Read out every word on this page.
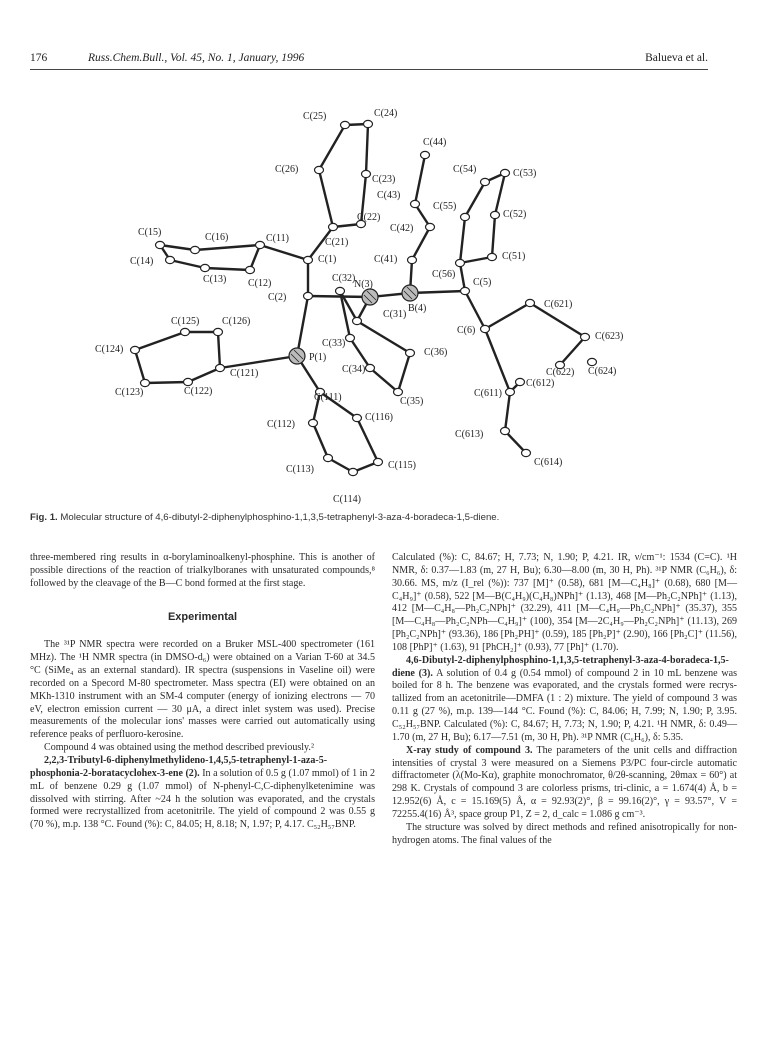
176	Russ.Chem.Bull., Vol. 45, No. 1, January, 1996	Balueva et al.
C(25)	C(24)
C(44)
C(26)
C(23)
C(54)	C(53)
C(43)
C(55)
C(52)
C(21)
C(22)
C(42)
C(15)	C(16)	C(11)
C(1)	C(41)	C(51)
C(14)
C(13) C(12)
C(56)
C(2)
C(32)
N(3)	C(5)
B(4)	C(621)
C(31)
C(125) C(126)
C(6)
C(33)
C(623)
C(124)
P(1)	C(36)
C(121)	C(34)	C(622) C(624)
C(123)	C(122)
C(111)	C(35)
C(611)
C(612)
C(112)
C(116)
C(613)
C(113)	C(115)	C(614)
C(114)
Fig. 1. Molecular structure of 4,6-dibutyl-2-diphenylphosphino-1,1,3,5-tetraphenyl-3-aza-4-boradeca-1,5-diene.

three-membered ring results in α-borylaminoalkenyl-phosphine. This is another of possible directions of the reaction of trialkylboranes with unsaturated compounds,⁸ followed by the cleavage of the B—C bond formed at the first stage.

Experimental

The ³¹P NMR spectra were recorded on a Bruker MSL-400 spectrometer (161 MHz). The ¹H NMR spectra (in DMSO-d₆) were obtained on a Varian T-60 at 34.5 °C (SiMe₄ as an external standard). IR spectra (suspensions in Vaseline oil) were recorded on a Specord M-80 spectrometer. Mass spectra (EI) were obtained on an MKh-1310 instrument with an SM-4 computer (energy of ionizing electrons — 70 eV, electron emission current — 30 μA, a direct inlet system was used). Precise measurements of the molecular ions' masses were carried out automatically using reference peaks of perfluoro-kerosine.

Compound 4 was obtained using the method described previously.²

2,2,3-Tributyl-6-diphenylmethylideno-1,4,5,5-tetraphenyl-1-aza-5-phosphonia-2-boratacyclohex-3-ene (2). In a solution of 0.5 g (1.07 mmol) of 1 in 2 mL of benzene 0.29 g (1.07 mmol) of N-phenyl-C,C-diphenylketenimine was dissolved with stirring. After ~24 h the solution was evaporated, and the crystals formed were recrystallized from acetonitrile. The yield of compound 2 was 0.55 g (70 %), m.p. 138 °C. Found (%): C, 84.05; H, 8.18; N, 1.97; P, 4.17. C₅₂H₅₇BNP.

Calculated (%): C, 84.67; H, 7.73; N, 1.90; P, 4.21. IR, ν/cm⁻¹: 1534 (C=C). ¹H NMR, δ: 0.37—1.83 (m, 27 H, Bu); 6.30—8.00 (m, 30 H, Ph). ³¹P NMR (C₆H₆), δ: 30.66. MS, m/z (I_rel (%)): 737 [M]⁺ (0.58), 681 [M—C₄H₈]⁺ (0.68), 680 [M—C₄H₉]⁺ (0.58), 522 [M—B(C₄H₉)(C₄H₈)NPh]⁺ (1.13), 468 [M—Ph₂C₂NPh]⁺ (1.13), 412 [M—C₄H₈—Ph₂C₂NPh]⁺ (32.29), 411 [M—C₄H₉—Ph₂C₂NPh]⁺ (35.37), 355 [M—C₄H₈—Ph₂C₂NPh—C₄H₉]⁺ (100), 354 [M—2C₄H₉—Ph₂C₂NPh]⁺ (11.13), 269 [Ph₂C₂NPh]⁺ (93.36), 186 [Ph₂PH]⁺ (0.59), 185 [Ph₂P]⁺ (2.90), 166 [Ph₂C]⁺ (11.56), 108 [PhP]⁺ (1.63), 91 [PhCH₂]⁺ (0.93), 77 [Ph]⁺ (1.70).

4,6-Dibutyl-2-diphenylphosphino-1,1,3,5-tetraphenyl-3-aza-4-boradeca-1,5-diene (3). A solution of 0.4 g (0.54 mmol) of compound 2 in 10 mL benzene was boiled for 8 h. The benzene was evaporated, and the crystals formed were recrys-tallized from an acetonitrile—DMFA (1 : 2) mixture. The yield of compound 3 was 0.11 g (27 %), m.p. 139—144 °C. Found (%): C, 84.06; H, 7.99; N, 1.90; P, 3.95. C₅₂H₅₇BNP. Calculated (%): C, 84.67; H, 7.73; N, 1.90; P, 4.21. ¹H NMR, δ: 0.49—1.70 (m, 27 H, Bu); 6.17—7.51 (m, 30 H, Ph). ³¹P NMR (C₆H₆), δ: 5.35.

X-ray study of compound 3. The parameters of the unit cells and diffraction intensities of crystal 3 were measured on a Siemens P3/PC four-circle automatic diffractometer (λ(Mo-Kα), graphite monochromator, θ/2θ-scanning, 2θmax = 60°) at 298 K. Crystals of compound 3 are colorless prisms, tri-clinic, a = 1.674(4) Å, b = 12.952(6) Å, c = 15.169(5) Å, α = 92.93(2)°, β = 99.16(2)°, γ = 93.57°, V = 72255.4(16) Å³, space group P1, Z = 2, d_calc = 1.086 g cm⁻³.

The structure was solved by direct methods and refined anisotropically for non-hydrogen atoms. The final values of the
